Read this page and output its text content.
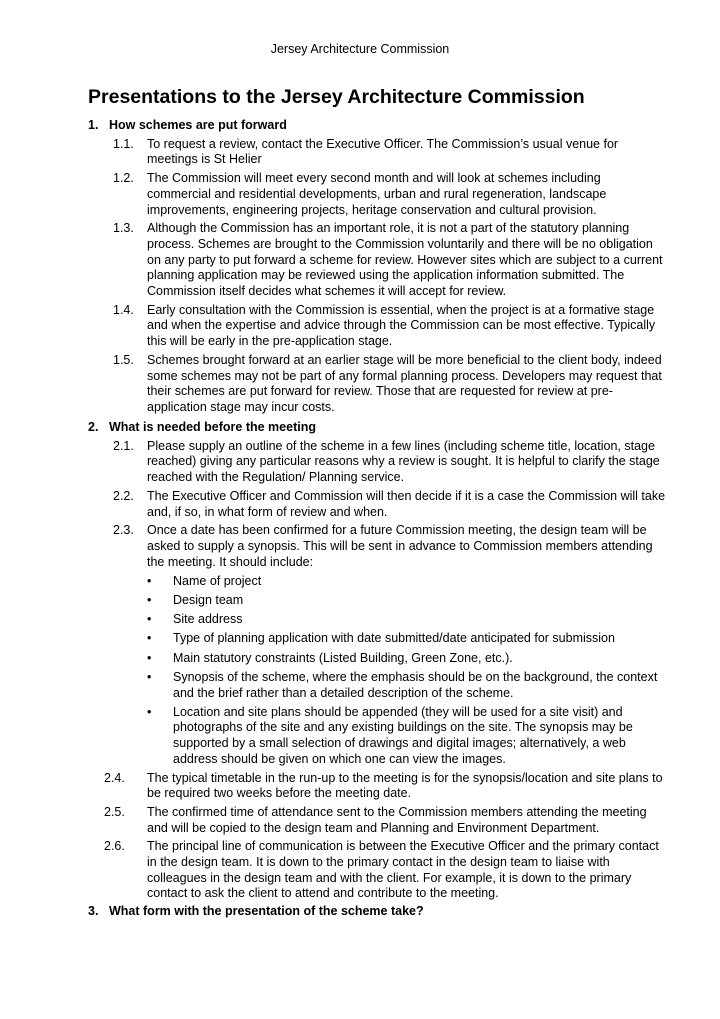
Jersey Architecture Commission
Presentations to the Jersey Architecture Commission
1. How schemes are put forward
1.1. To request a review, contact the Executive Officer. The Commission’s usual venue for meetings is St Helier
1.2. The Commission will meet every second month and will look at schemes including commercial and residential developments, urban and rural regeneration, landscape improvements, engineering projects, heritage conservation and cultural provision.
1.3. Although the Commission has an important role, it is not a part of the statutory planning process. Schemes are brought to the Commission voluntarily and there will be no obligation on any party to put forward a scheme for review. However sites which are subject to a current planning application may be reviewed using the application information submitted. The Commission itself decides what schemes it will accept for review.
1.4. Early consultation with the Commission is essential, when the project is at a formative stage and when the expertise and advice through the Commission can be most effective. Typically this will be early in the pre-application stage.
1.5. Schemes brought forward at an earlier stage will be more beneficial to the client body, indeed some schemes may not be part of any formal planning process. Developers may request that their schemes are put forward for review. Those that are requested for review at pre-application stage may incur costs.
2. What is needed before the meeting
2.1. Please supply an outline of the scheme in a few lines (including scheme title, location, stage reached) giving any particular reasons why a review is sought. It is helpful to clarify the stage reached with the Regulation/ Planning service.
2.2. The Executive Officer and Commission will then decide if it is a case the Commission will take and, if so, in what form of review and when.
2.3. Once a date has been confirmed for a future Commission meeting, the design team will be asked to supply a synopsis. This will be sent in advance to Commission members attending the meeting. It should include:
• Name of project
• Design team
• Site address
• Type of planning application with date submitted/date anticipated for submission
• Main statutory constraints (Listed Building, Green Zone, etc.).
• Synopsis of the scheme, where the emphasis should be on the background, the context and the brief rather than a detailed description of the scheme.
• Location and site plans should be appended (they will be used for a site visit) and photographs of the site and any existing buildings on the site. The synopsis may be supported by a small selection of drawings and digital images; alternatively, a web address should be given on which one can view the images.
2.4. The typical timetable in the run-up to the meeting is for the synopsis/location and site plans to be required two weeks before the meeting date.
2.5. The confirmed time of attendance sent to the Commission members attending the meeting and will be copied to the design team and Planning and Environment Department.
2.6. The principal line of communication is between the Executive Officer and the primary contact in the design team. It is down to the primary contact in the design team to liaise with colleagues in the design team and with the client. For example, it is down to the primary contact to ask the client to attend and contribute to the meeting.
3. What form with the presentation of the scheme take?
